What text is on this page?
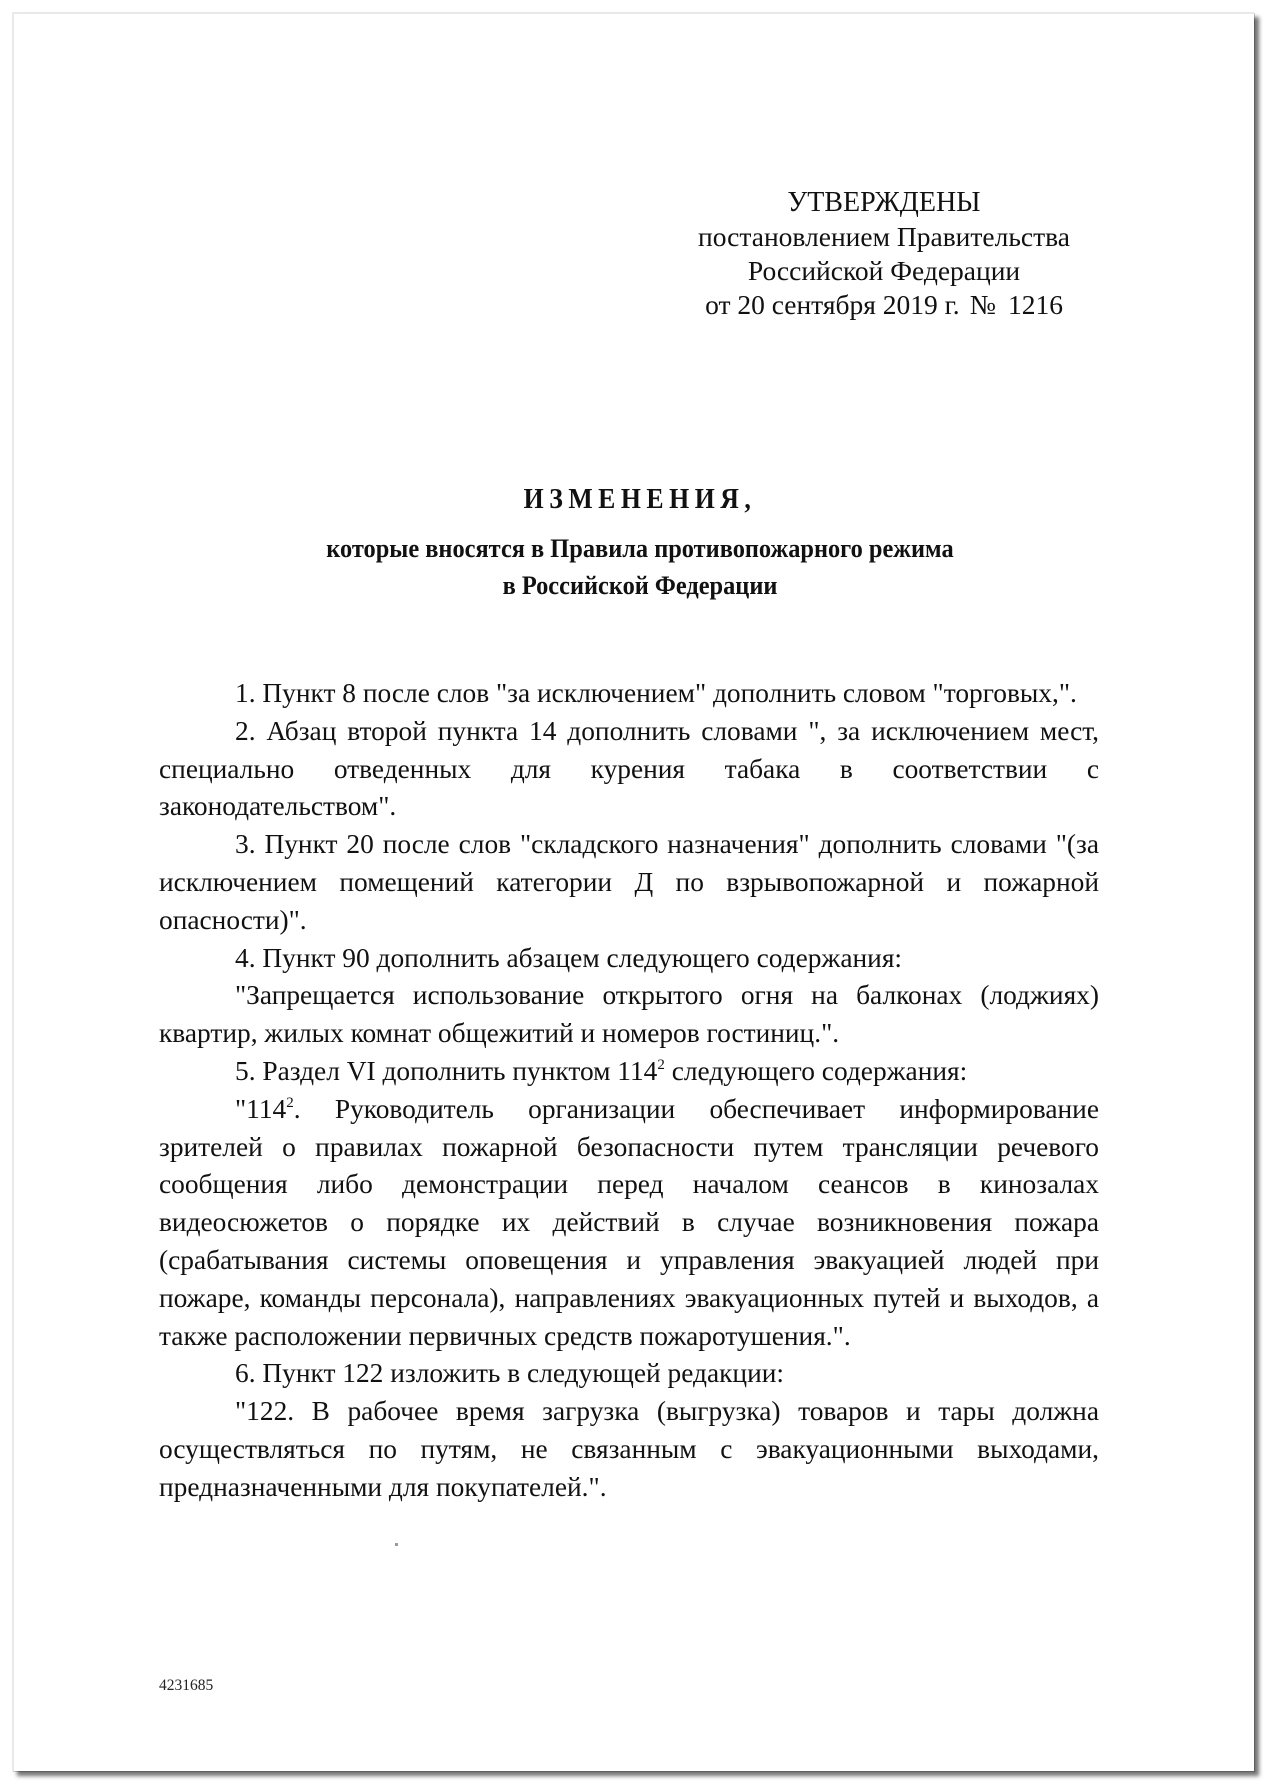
УТВЕРЖДЕНЫ
постановлением Правительства
Российской Федерации
от 20 сентября 2019 г. № 1216
ИЗМЕНЕНИЯ,
которые вносятся в Правила противопожарного режима
в Российской Федерации

1. Пункт 8 после слов "за исключением" дополнить словом "торговых,".

2. Абзац второй пункта 14 дополнить словами ", за исключением мест, специально отведенных для курения табака в соответствии с законодательством".

3. Пункт 20 после слов "складского назначения" дополнить словами "(за исключением помещений категории Д по взрывопожарной и пожарной опасности)".

4. Пункт 90 дополнить абзацем следующего содержания:

"Запрещается использование открытого огня на балконах (лоджиях) квартир, жилых комнат общежитий и номеров гостиниц.".

5. Раздел VI дополнить пунктом $114^2$ следующего содержания:

"$114^2$. Руководитель организации обеспечивает информирование зрителей о правилах пожарной безопасности путем трансляции речевого сообщения либо демонстрации перед началом сеансов в кинозалах видеосюжетов о порядке их действий в случае возникновения пожара (срабатывания системы оповещения и управления эвакуацией людей при пожаре, команды персонала), направлениях эвакуационных путей и выходов, а также расположении первичных средств пожаротушения.".

6. Пункт 122 изложить в следующей редакции:

"122. В рабочее время загрузка (выгрузка) товаров и тары должна осуществляться по путям, не связанным с эвакуационными выходами, предназначенными для покупателей.".

4231685
